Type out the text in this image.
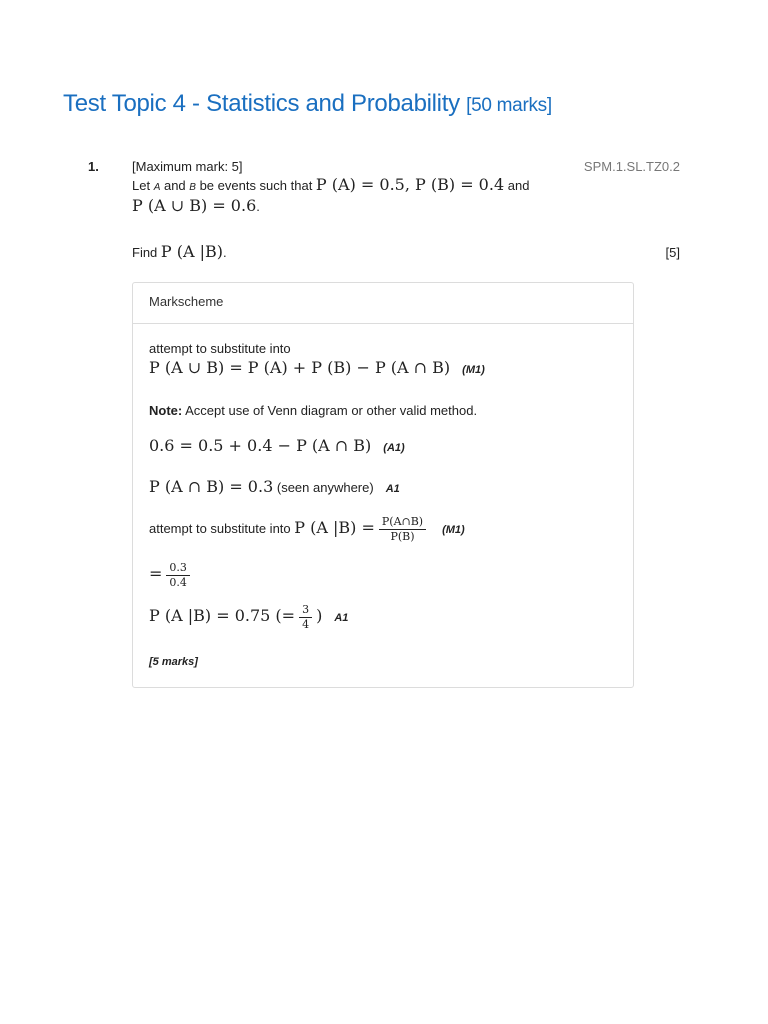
Test Topic 4 - Statistics and Probability [50 marks]
1.	SPM.1.SL.TZ0.2
[Maximum mark: 5]
Let A and B be events such that P (A) = 0.5, P (B) = 0.4 and
P (A ∪ B) = 0.6.
Find P (A |B).	[5]
Markscheme
attempt to substitute into
P (A ∪ B) = P (A) + P (B) − P (A ∩ B) (M1)
Note: Accept use of Venn diagram or other valid method.
0.6 = 0.5 + 0.4 − P (A ∩ B) (A1)
P (A ∩ B) = 0.3 (seen anywhere) A1
attempt to substitute into P (A $|B) = \frac{P(A\cap B)}{P(B)} (M1)$
= $\frac{0.3}{0.4}$
P (A |B) = 0.75 (= $\frac{3}{4}$ ) A1
[5 marks]
